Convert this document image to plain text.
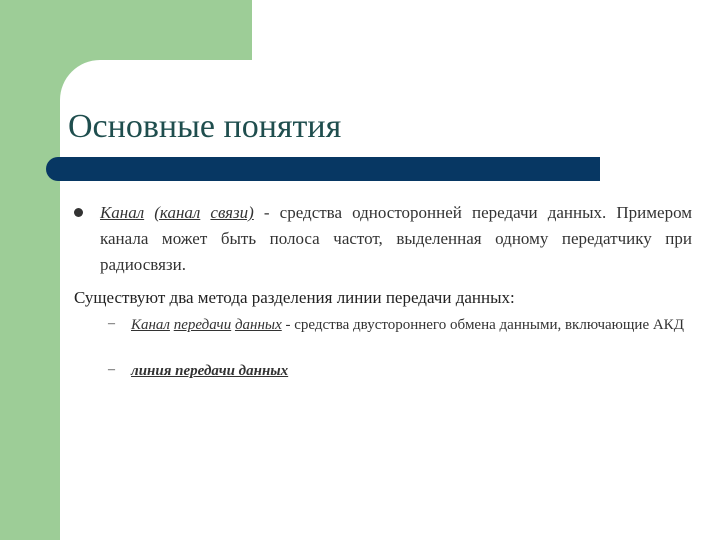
Основные понятия
Канал (канал связи) - средства односторонней передачи данных. Примером канала может быть полоса частот, выделенная одному передатчику при радиосвязи.
Существуют два метода разделения линии передачи данных:
– Канал передачи данных - средства двустороннего обмена данными, включающие АКД
– линия передачи данных
